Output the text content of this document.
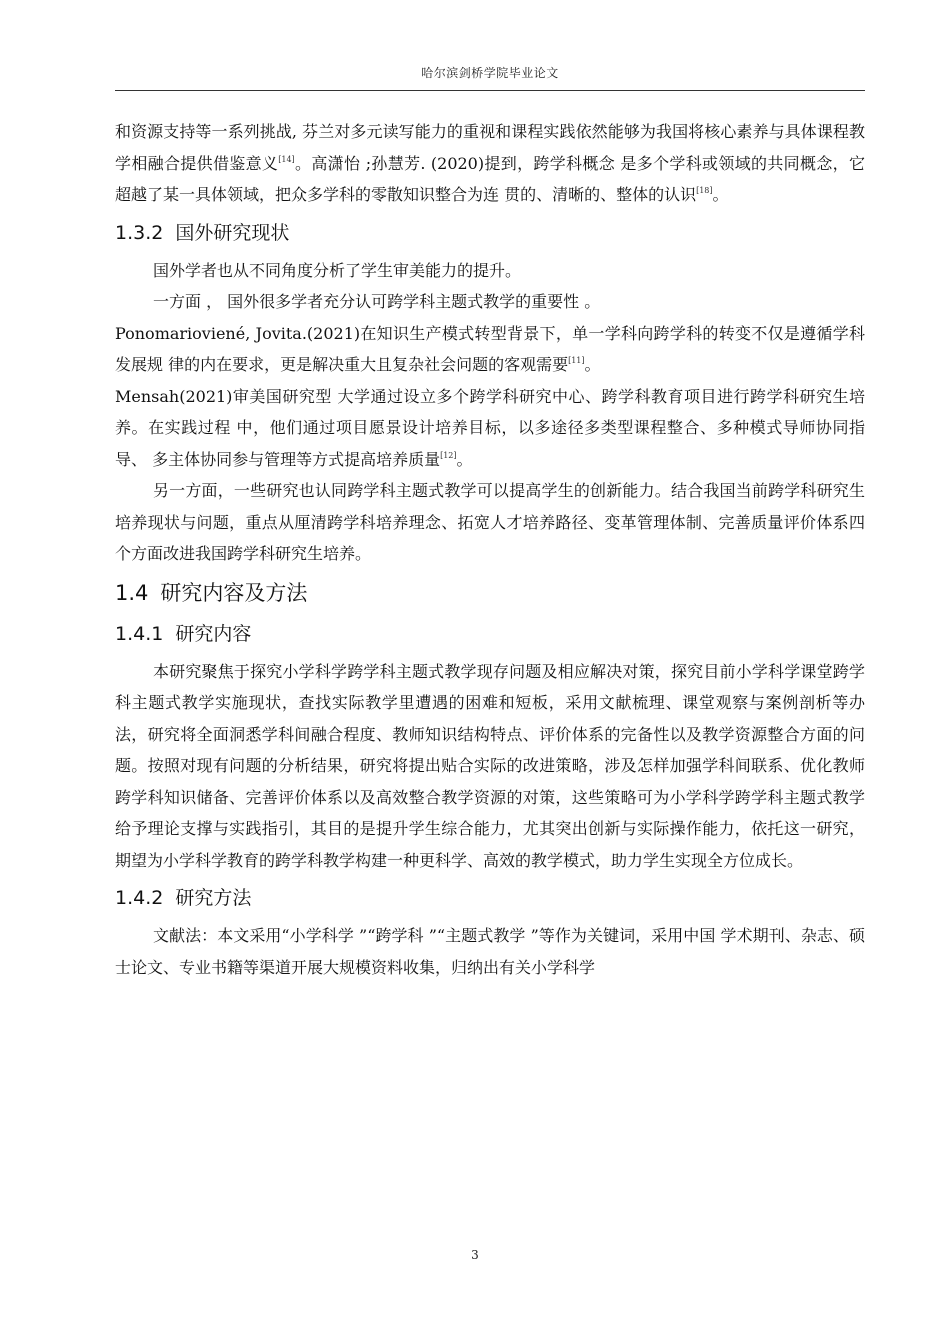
哈尔滨剑桥学院毕业论文

和资源支持等一系列挑战, 芬兰对多元读写能力的重视和课程实践依然能够为我国将核心素养与具体课程教学相融合提供借鉴意义[14]。高潇怡 ;孙慧芳. (2020)提到，跨学科概念 是多个学科或领域的共同概念，它超越了某一具体领域，把众多学科的零散知识整合为连 贯的、清晰的、整体的认识[18]。

1.3.2 国外研究现状

国外学者也从不同角度分析了学生审美能力的提升。

一方面 ， 国外很多学者充分认可跨学科主题式教学的重要性 。

Ponomarioviené, Jovita.(2021)在知识生产模式转型背景下，单一学科向跨学科的转变不仅是遵循学科发展规 律的内在要求，更是解决重大且复杂社会问题的客观需要[11]。

Mensah(2021)审美国研究型 大学通过设立多个跨学科研究中心、跨学科教育项目进行跨学科研究生培养。在实践过程 中，他们通过项目愿景设计培养目标，以多途径多类型课程整合、多种模式导师协同指导、 多主体协同参与管理等方式提高培养质量[12]。

另一方面，一些研究也认同跨学科主题式教学可以提高学生的创新能力。结合我国当前跨学科研究生培养现状与问题，重点从厘清跨学科培养理念、拓宽人才培养路径、变革管理体制、完善质量评价体系四个方面改进我国跨学科研究生培养。

1.4 研究内容及方法
1.4.1 研究内容

本研究聚焦于探究小学科学跨学科主题式教学现存问题及相应解决对策，探究目前小学科学课堂跨学科主题式教学实施现状，查找实际教学里遭遇的困难和短板，采用文献梳理、课堂观察与案例剖析等办法，研究将全面洞悉学科间融合程度、教师知识结构特点、评价体系的完备性以及教学资源整合方面的问题。按照对现有问题的分析结果，研究将提出贴合实际的改进策略，涉及怎样加强学科间联系、优化教师跨学科知识储备、完善评价体系以及高效整合教学资源的对策，这些策略可为小学科学跨学科主题式教学给予理论支撑与实践指引，其目的是提升学生综合能力，尤其突出创新与实际操作能力，依托这一研究，期望为小学科学教育的跨学科教学构建一种更科学、高效的教学模式，助力学生实现全方位成长。

1.4.2 研究方法

文献法：本文采用“小学科学 ”“跨学科 ”“主题式教学 ”等作为关键词，采用中国 学术期刊、杂志、硕士论文、专业书籍等渠道开展大规模资料收集，归纳出有关小学科学

3
